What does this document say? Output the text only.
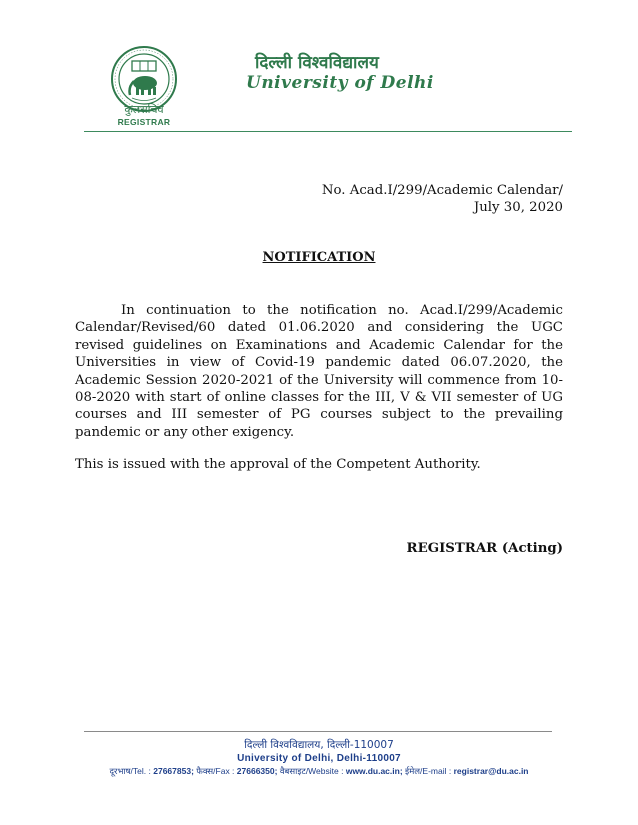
कुलसचिव
REGISTRAR
दिल्ली विश्वविद्यालय
University of Delhi
No. Acad.I/299/Academic Calendar/
July 30, 2020
NOTIFICATION
In continuation to the notification no. Acad.I/299/Academic Calendar/Revised/60 dated 01.06.2020 and considering the UGC revised guidelines on Examinations and Academic Calendar for the Universities in view of Covid-19 pandemic dated 06.07.2020, the Academic Session 2020-2021 of the University will commence from 10-08-2020 with start of online classes for the III, V & VII semester of UG courses and III semester of PG courses subject to the prevailing pandemic or any other exigency.
This is issued with the approval of the Competent Authority.
REGISTRAR (Acting)
दिल्ली विश्वविद्यालय, दिल्ली-110007
University of Delhi, Delhi-110007
दूरभाष/Tel. : 27667853; फैक्स/Fax : 27666350; वैबसाइट/Website : www.du.ac.in; ईमेल/E-mail : registrar@du.ac.in
